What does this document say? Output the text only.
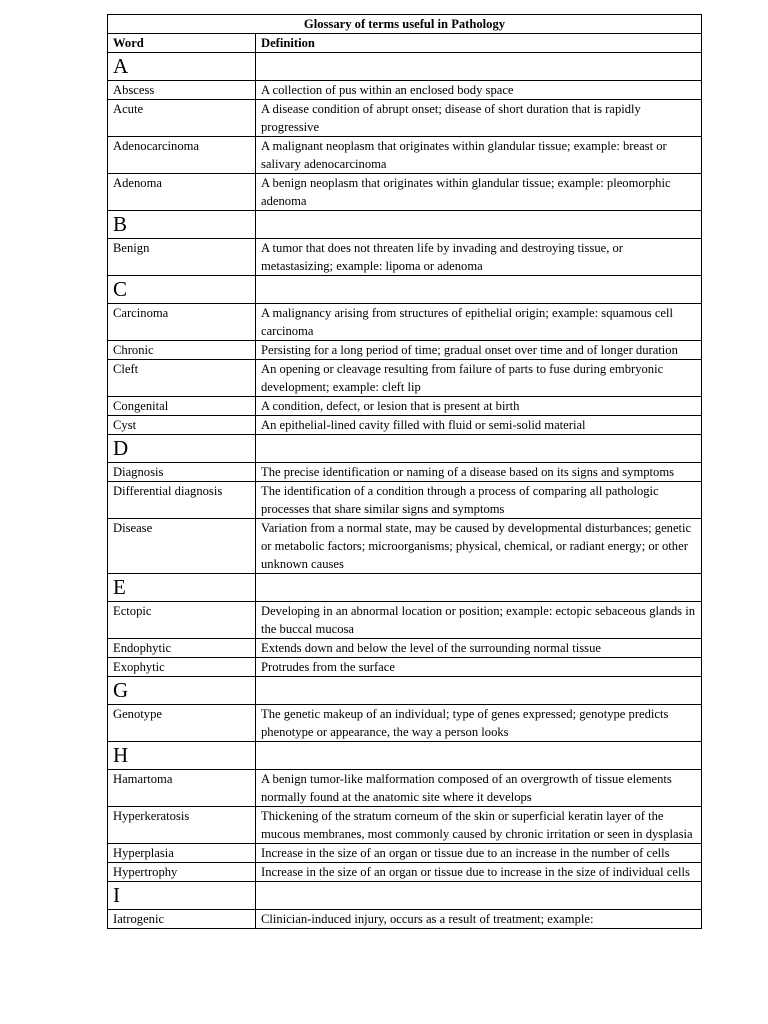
Glossary of terms useful in Pathology	
Word	Definition
A	
Abscess	A collection of pus within an enclosed body space
Acute	A disease condition of abrupt onset; disease of short duration that is rapidly progressive
Adenocarcinoma	A malignant neoplasm that originates within glandular tissue; example: breast or salivary adenocarcinoma
Adenoma	A benign neoplasm that originates within glandular tissue; example: pleomorphic adenoma
B	
Benign	A tumor that does not threaten life by invading and destroying tissue, or metastasizing; example: lipoma or adenoma
C	
Carcinoma	A malignancy arising from structures of epithelial origin; example: squamous cell carcinoma
Chronic	Persisting for a long period of time; gradual onset over time and of longer duration
Cleft	An opening or cleavage resulting from failure of parts to fuse during embryonic development; example: cleft lip
Congenital	A condition, defect, or lesion that is present at birth
Cyst	An epithelial-lined cavity filled with fluid or semi-solid material
D	
Diagnosis	The precise identification or naming of a disease based on its signs and symptoms
Differential diagnosis	The identification of a condition through a process of comparing all pathologic processes that share similar signs and symptoms
Disease	Variation from a normal state, may be caused by developmental disturbances; genetic or metabolic factors; microorganisms; physical, chemical, or radiant energy; or other unknown causes
E	
Ectopic	Developing in an abnormal location or position; example: ectopic sebaceous glands in the buccal mucosa
Endophytic	Extends down and below the level of the surrounding normal tissue
Exophytic	Protrudes from the surface
G	
Genotype	The genetic makeup of an individual; type of genes expressed; genotype predicts phenotype or appearance, the way a person looks
H	
Hamartoma	A benign tumor-like malformation composed of an overgrowth of tissue elements normally found at the anatomic site where it develops
Hyperkeratosis	Thickening of the stratum corneum of the skin or superficial keratin layer of the mucous membranes, most commonly caused by chronic irritation or seen in dysplasia
Hyperplasia	Increase in the size of an organ or tissue due to an increase in the number of cells
Hypertrophy	Increase in the size of an organ or tissue due to increase in the size of individual cells
I	
Iatrogenic	Clinician-induced injury, occurs as a result of treatment; example:
